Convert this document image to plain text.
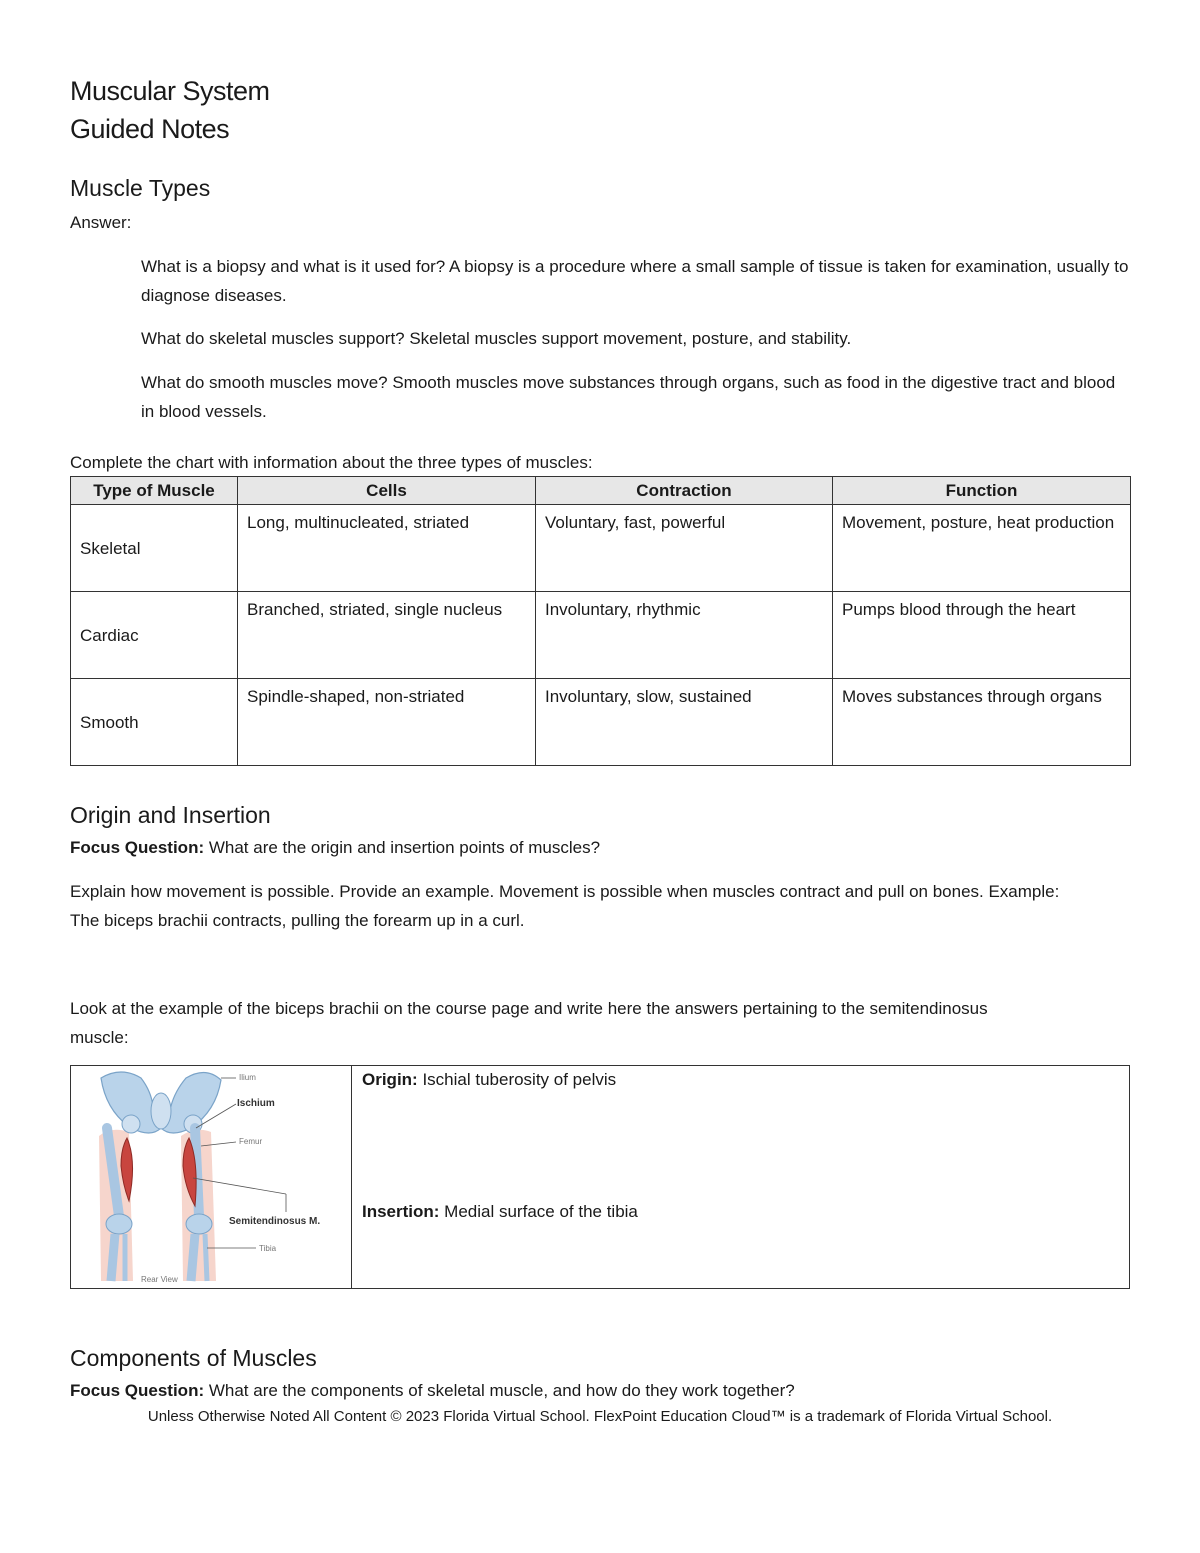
Muscular System
Guided Notes
Muscle Types
Answer:
What is a biopsy and what is it used for? A biopsy is a procedure where a small sample of tissue is taken for examination, usually to diagnose diseases.
What do skeletal muscles support? Skeletal muscles support movement, posture, and stability.
What do smooth muscles move? Smooth muscles move substances through organs, such as food in the digestive tract and blood in blood vessels.
Complete the chart with information about the three types of muscles:
Type of Muscle	Cells	Contraction	Function
Skeletal	Long, multinucleated, striated	Voluntary, fast, powerful	Movement, posture, heat production
Cardiac	Branched, striated, single nucleus	Involuntary, rhythmic	Pumps blood through the heart
Smooth	Spindle-shaped, non-striated	Involuntary, slow, sustained	Moves substances through organs
Origin and Insertion
Focus Question: What are the origin and insertion points of muscles?
Explain how movement is possible. Provide an example. Movement is possible when muscles contract and pull on bones. Example: The biceps brachii contracts, pulling the forearm up in a curl.
Look at the example of the biceps brachii on the course page and write here the answers pertaining to the semitendinosus muscle:
Ilium
Ischium
Femur
Semitendinosus M.
Tibia
Rear View
Origin: Ischial tuberosity of pelvis
Insertion: Medial surface of the tibia
Components of Muscles
Focus Question: What are the components of skeletal muscle, and how do they work together?
Unless Otherwise Noted All Content © 2023 Florida Virtual School. FlexPoint Education Cloud™ is a trademark of Florida Virtual School.
